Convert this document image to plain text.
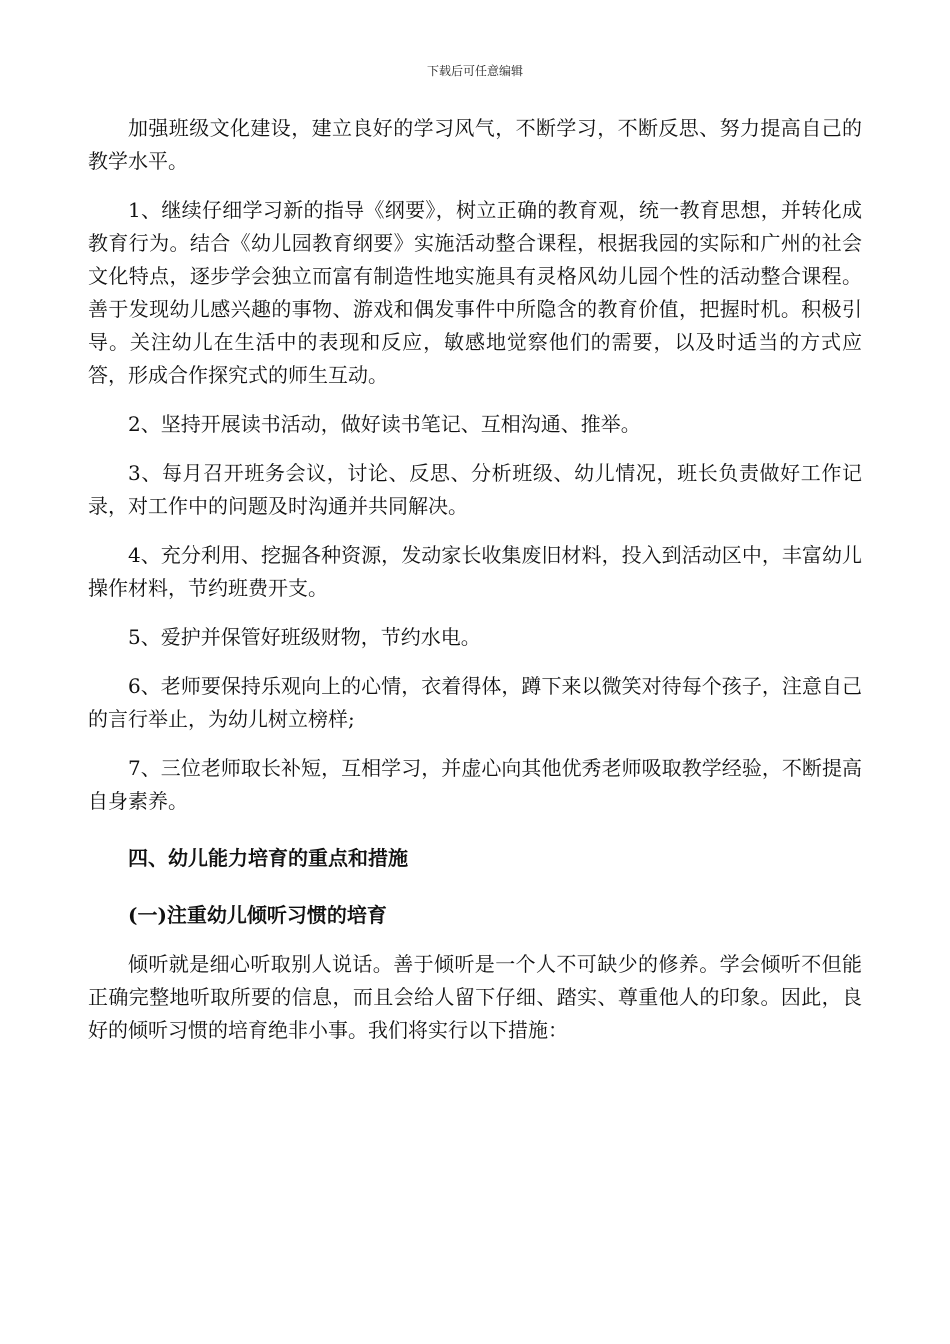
下载后可任意编辑

加强班级文化建设，建立良好的学习风气，不断学习，不断反思、努力提高自己的教学水平。

1、继续仔细学习新的指导《纲要》，树立正确的教育观，统一教育思想，并转化成教育行为。结合《幼儿园教育纲要》实施活动整合课程，根据我园的实际和广州的社会文化特点，逐步学会独立而富有制造性地实施具有灵格风幼儿园个性的活动整合课程。善于发现幼儿感兴趣的事物、游戏和偶发事件中所隐含的教育价值，把握时机。积极引导。关注幼儿在生活中的表现和反应，敏感地觉察他们的需要，以及时适当的方式应答，形成合作探究式的师生互动。

2、坚持开展读书活动，做好读书笔记、互相沟通、推举。

3、每月召开班务会议，讨论、反思、分析班级、幼儿情况，班长负责做好工作记录，对工作中的问题及时沟通并共同解决。

4、充分利用、挖掘各种资源，发动家长收集废旧材料，投入到活动区中，丰富幼儿操作材料，节约班费开支。

5、爱护并保管好班级财物，节约水电。

6、老师要保持乐观向上的心情，衣着得体，蹲下来以微笑对待每个孩子，注意自己的言行举止，为幼儿树立榜样;

7、三位老师取长补短，互相学习，并虚心向其他优秀老师吸取教学经验，不断提高自身素养。

四、幼儿能力培育的重点和措施

(一)注重幼儿倾听习惯的培育

倾听就是细心听取别人说话。善于倾听是一个人不可缺少的修养。学会倾听不但能正确完整地听取所要的信息，而且会给人留下仔细、踏实、尊重他人的印象。因此，良好的倾听习惯的培育绝非小事。我们将实行以下措施：
